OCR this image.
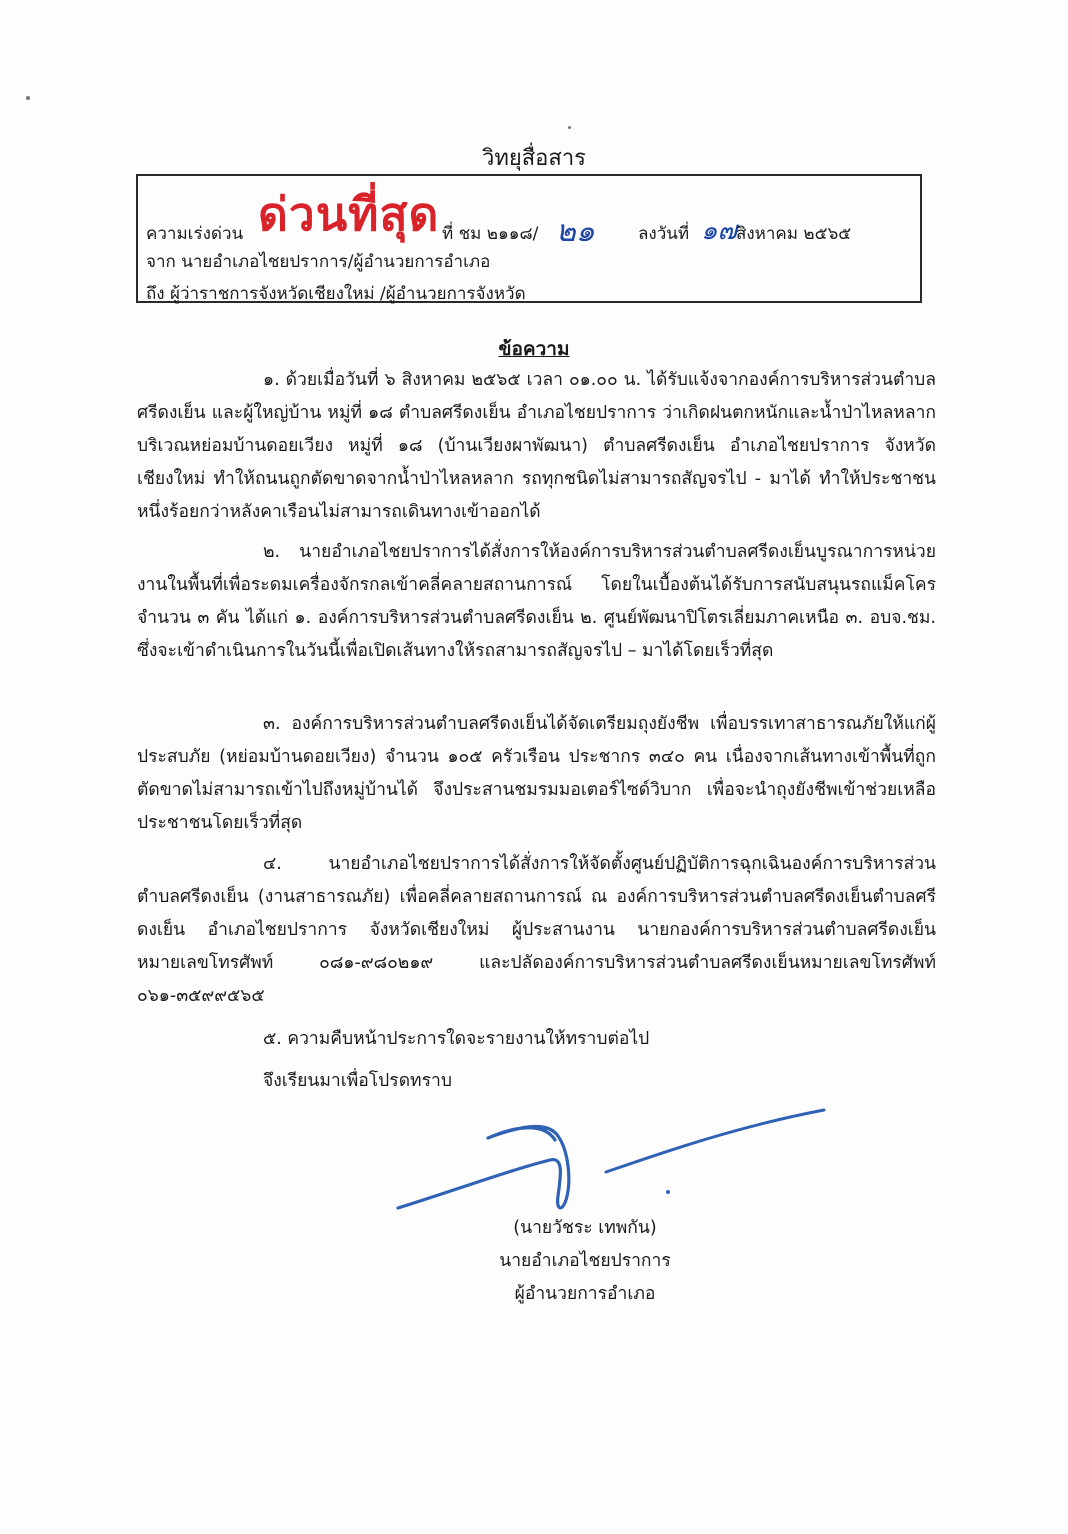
วิทยุสื่อสาร
ความเร่งด่วน ด่วนที่สุด ที่ ชม ๒๑๑๘/ ๒๑	ลงวันที่ ๑๗
สิงหาคม ๒๕๖๕
จาก นายอำเภอไชยปราการ/ผู้อำนวยการอำเภอ
ถึง ผู้ว่าราชการจังหวัดเชียงใหม่ /ผู้อำนวยการจังหวัด
ข้อความ
๑. ด้วยเมื่อวันที่ ๖ สิงหาคม ๒๕๖๕ เวลา ๐๑.๐๐ น. ได้รับแจ้งจากองค์การบริหารส่วนตำบลศรีดงเย็น และผู้ใหญ่บ้าน หมู่ที่ ๑๘ ตำบลศรีดงเย็น อำเภอไชยปราการ ว่าเกิดฝนตกหนักและน้ำป่าไหลหลาก บริเวณหย่อมบ้านดอยเวียง หมู่ที่ ๑๘ (บ้านเวียงผาพัฒนา) ตำบลศรีดงเย็น อำเภอไชยปราการ จังหวัดเชียงใหม่ ทำให้ถนนถูกตัดขาดจากน้ำป่าไหลหลาก รถทุกชนิดไม่สามารถสัญจรไป - มาได้ ทำให้ประชาชนหนึ่งร้อยกว่าหลังคาเรือนไม่สามารถเดินทางเข้าออกได้
๒. นายอำเภอไชยปราการได้สั่งการให้องค์การบริหารส่วนตำบลศรีดงเย็นบูรณาการหน่วยงานในพื้นที่เพื่อระดมเครื่องจักรกลเข้าคลี่คลายสถานการณ์ โดยในเบื้องต้นได้รับการสนับสนุนรถแม็คโคร จำนวน ๓ คัน ได้แก่ ๑. องค์การบริหารส่วนตำบลศรีดงเย็น ๒. ศูนย์พัฒนาปิโตรเลี่ยมภาคเหนือ ๓. อบจ.ชม. ซึ่งจะเข้าดำเนินการในวันนี้เพื่อเปิดเส้นทางให้รถสามารถสัญจรไป – มาได้โดยเร็วที่สุด
๓. องค์การบริหารส่วนตำบลศรีดงเย็นได้จัดเตรียมถุงยังชีพ เพื่อบรรเทาสาธารณภัยให้แก่ผู้ประสบภัย (หย่อมบ้านดอยเวียง) จำนวน ๑๐๕ ครัวเรือน ประชากร ๓๔๐ คน เนื่องจากเส้นทางเข้าพื้นที่ถูกตัดขาดไม่สามารถเข้าไปถึงหมู่บ้านได้ จึงประสานชมรมมอเตอร์ไซด์วิบาก เพื่อจะนำถุงยังชีพเข้าช่วยเหลือประชาชนโดยเร็วที่สุด
๔. นายอำเภอไชยปราการได้สั่งการให้จัดตั้งศูนย์ปฏิบัติการฉุกเฉินองค์การบริหารส่วนตำบลศรีดงเย็น (งานสาธารณภัย) เพื่อคลี่คลายสถานการณ์ ณ องค์การบริหารส่วนตำบลศรีดงเย็นตำบลศรีดงเย็น อำเภอไชยปราการ จังหวัดเชียงใหม่ ผู้ประสานงาน นายกองค์การบริหารส่วนตำบลศรีดงเย็น หมายเลขโทรศัพท์ ๐๘๑-๙๘๐๒๑๙ และปลัดองค์การบริหารส่วนตำบลศรีดงเย็นหมายเลขโทรศัพท์ ๐๖๑-๓๕๙๙๕๖๕
๕. ความคืบหน้าประการใดจะรายงานให้ทราบต่อไป
จึงเรียนมาเพื่อโปรดทราบ
(นายวัชระ เทพกัน)
นายอำเภอไชยปราการ
ผู้อำนวยการอำเภอ
